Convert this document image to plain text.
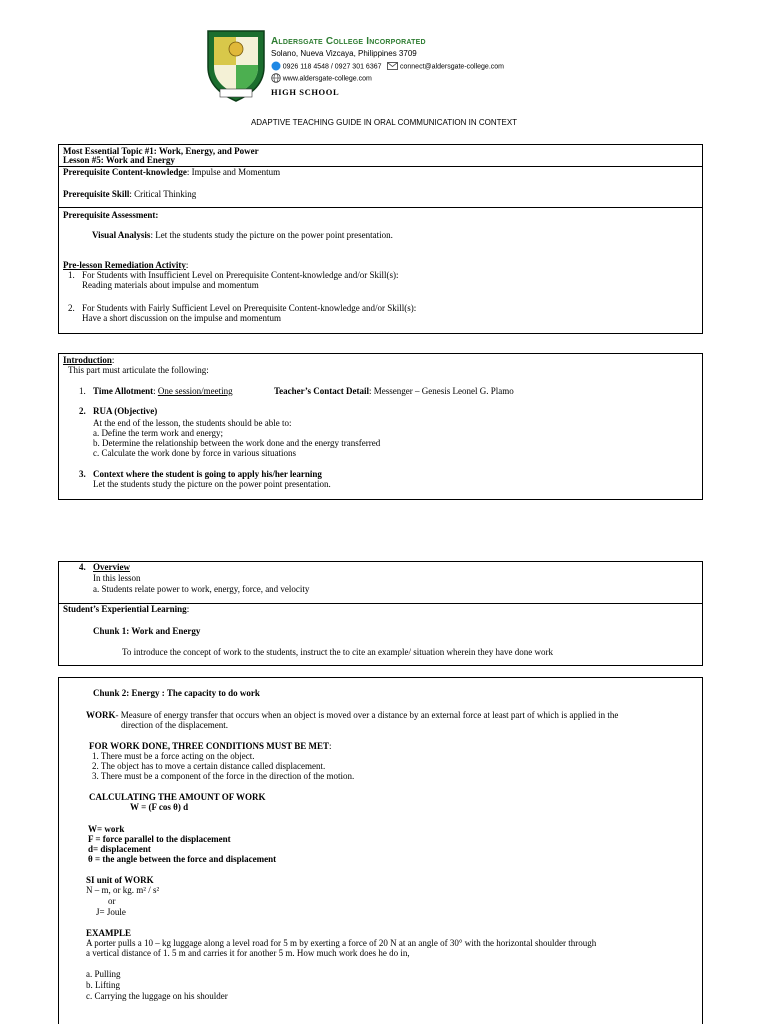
Aldersgate College Incorporated
Solano, Nueva Vizcaya, Philippines 3709
0926 118 4548 / 0927 301 6367	connect@aldersgate-college.com
www.aldersgate-college.com
HIGH SCHOOL
ADAPTIVE TEACHING GUIDE IN ORAL COMMUNICATION IN CONTEXT
Most Essential Topic #1: Work, Energy, and Power
Lesson #5: Work and Energy
Prerequisite Content-knowledge: Impulse and Momentum
Prerequisite Skill: Critical Thinking
Prerequisite Assessment:
Visual Analysis: Let the students study the picture on the power point presentation.
Pre-lesson Remediation Activity:
1. For Students with Insufficient Level on Prerequisite Content-knowledge and/or Skill(s):
Reading materials about impulse and momentum
2. For Students with Fairly Sufficient Level on Prerequisite Content-knowledge and/or Skill(s):
Have a short discussion on the impulse and momentum
Introduction:
This part must articulate the following:
1. Time Allotment: One session/meeting	Teacher’s Contact Detail: Messenger – Genesis Leonel G. Plamo
2. RUA (Objective)
At the end of the lesson, the students should be able to:
a. Define the term work and energy;
b. Determine the relationship between the work done and the energy transferred
c. Calculate the work done by force in various situations
3. Context where the student is going to apply his/her learning
Let the students study the picture on the power point presentation.
4. Overview
In this lesson
a. Students relate power to work, energy, force, and velocity
Student’s Experiential Learning:
Chunk 1: Work and Energy
To introduce the concept of work to the students, instruct the to cite an example/ situation wherein they have done work
Chunk 2: Energy : The capacity to do work
WORK- Measure of energy transfer that occurs when an object is moved over a distance by an external force at least part of which is applied in the
direction of the displacement.
FOR WORK DONE, THREE CONDITIONS MUST BE MET:
1. There must be a force acting on the object.
2. The object has to move a certain distance called displacement.
3. There must be a component of the force in the direction of the motion.
CALCULATING THE AMOUNT OF WORK
W = (F cos θ) d
W= work
F = force parallel to the displacement
d= displacement
θ = the angle between the force and displacement
SI unit of WORK
N – m, or kg. m² / s²
or
J= Joule
EXAMPLE
A porter pulls a 10 – kg luggage along a level road for 5 m by exerting a force of 20 N at an angle of 30° with the horizontal shoulder through
a vertical distance of 1. 5 m and carries it for another 5 m. How much work does he do in,
a. Pulling
b. Lifting
c. Carrying the luggage on his shoulder
